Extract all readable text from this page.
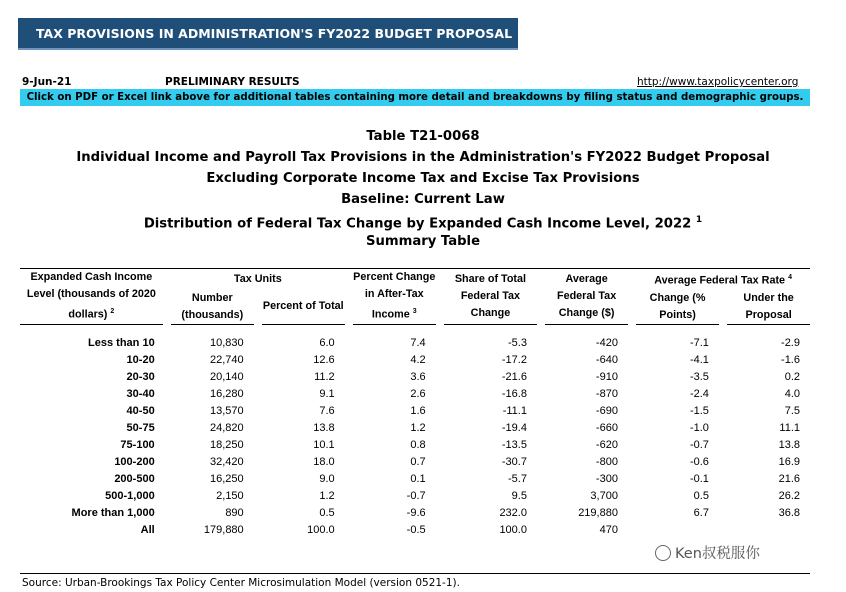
TAX PROVISIONS IN ADMINISTRATION'S FY2022 BUDGET PROPOSAL (JUNE 2021)
9-Jun-21	PRELIMINARY RESULTS	http://www.taxpolicycenter.org
Click on PDF or Excel link above for additional tables containing more detail and breakdowns by filing status and demographic groups.
Table T21-0068
Individual Income and Payroll Tax Provisions in the Administration's FY2022 Budget Proposal
Excluding Corporate Income Tax and Excise Tax Provisions
Baseline: Current Law
Distribution of Federal Tax Change by Expanded Cash Income Level, 2022 $^1$
Summary Table
Expanded Cash Income Level (thousands of 2020 dollars) $^2$		Tax Units				Percent Change in After-Tax Income $^3$		Share of Total Federal Tax Change		Average Federal Tax Change ($)		Average Federal Tax Rate $^4$
		Number (thousands)		Percent of Total								Change (% Points)		Under the Proposal

Less than 10		10,830		6.0		7.4		-5.3		-420		-7.1		-2.9
10-20		22,740		12.6		4.2		-17.2		-640		-4.1		-1.6
20-30		20,140		11.2		3.6		-21.6		-910		-3.5		0.2
30-40		16,280		9.1		2.6		-16.8		-870		-2.4		4.0
40-50		13,570		7.6		1.6		-11.1		-690		-1.5		7.5
50-75		24,820		13.8		1.2		-19.4		-660		-1.0		11.1
75-100		18,250		10.1		0.8		-13.5		-620		-0.7		13.8
100-200		32,420		18.0		0.7		-30.7		-800		-0.6		16.9
200-500		16,250		9.0		0.1		-5.7		-300		-0.1		21.6
500-1,000		2,150		1.2		-0.7		9.5		3,700		0.5		26.2
More than 1,000		890		0.5		-9.6		232.0		219,880		6.7		36.8
All		179,880		100.0		-0.5		100.0		470				
Source: Urban-Brookings Tax Policy Center Microsimulation Model (version 0521-1).
Ken叔税服你
